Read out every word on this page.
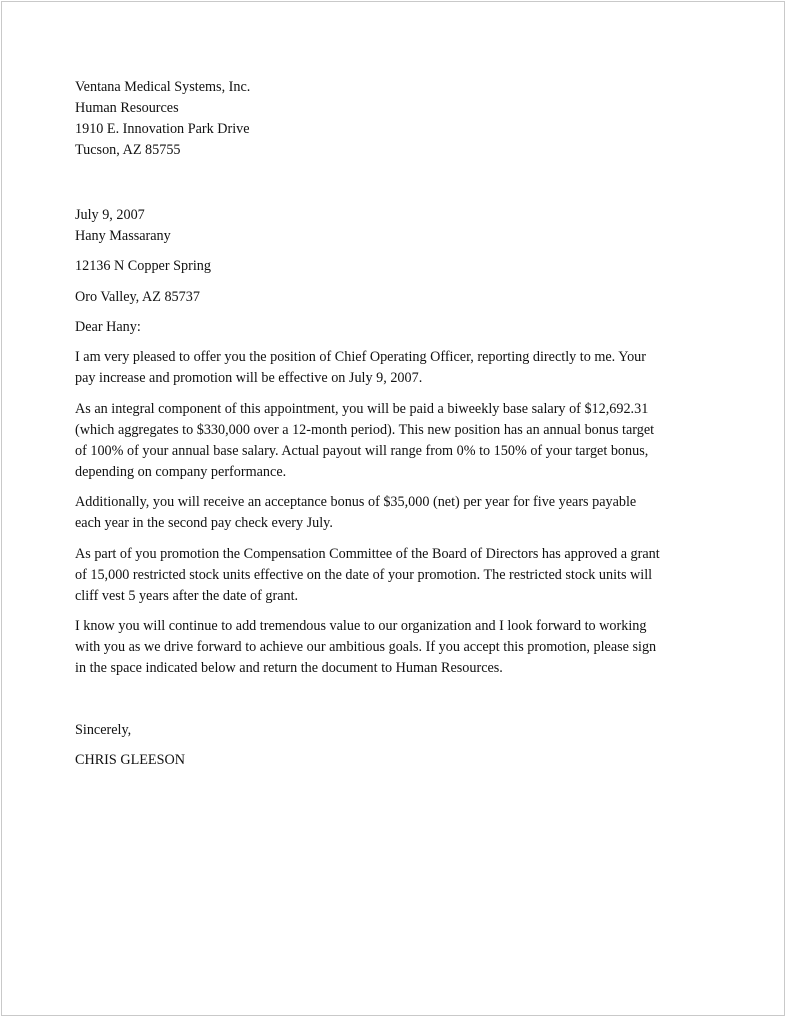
Ventana Medical Systems, Inc.
Human Resources
1910 E. Innovation Park Drive
Tucson, AZ 85755
July 9, 2007
Hany Massarany
12136 N Copper Spring
Oro Valley, AZ 85737
Dear Hany:
I am very pleased to offer you the position of Chief Operating Officer, reporting directly to me. Your
pay increase and promotion will be effective on July 9, 2007.
As an integral component of this appointment, you will be paid a biweekly base salary of $12,692.31
(which aggregates to $330,000 over a 12-month period). This new position has an annual bonus target
of 100% of your annual base salary. Actual payout will range from 0% to 150% of your target bonus,
depending on company performance.
Additionally, you will receive an acceptance bonus of $35,000 (net) per year for five years payable
each year in the second pay check every July.
As part of you promotion the Compensation Committee of the Board of Directors has approved a grant
of 15,000 restricted stock units effective on the date of your promotion. The restricted stock units will
cliff vest 5 years after the date of grant.
I know you will continue to add tremendous value to our organization and I look forward to working
with you as we drive forward to achieve our ambitious goals. If you accept this promotion, please sign
in the space indicated below and return the document to Human Resources.
Sincerely,
CHRIS GLEESON
